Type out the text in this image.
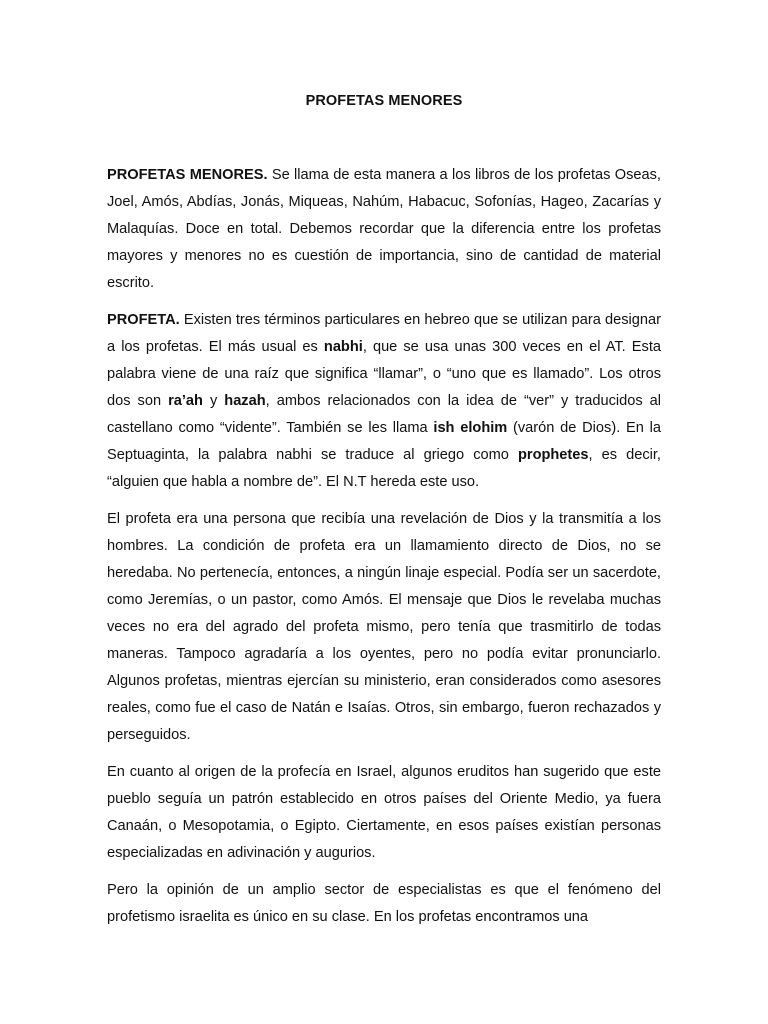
PROFETAS MENORES

PROFETAS MENORES. Se llama de esta manera a los libros de los profetas Oseas, Joel, Amós, Abdías, Jonás, Miqueas, Nahúm, Habacuc, Sofonías, Hageo, Zacarías y Malaquías. Doce en total. Debemos recordar que la diferencia entre los profetas mayores y menores no es cuestión de importancia, sino de cantidad de material escrito.

PROFETA. Existen tres términos particulares en hebreo que se utilizan para designar a los profetas. El más usual es nabhi, que se usa unas 300 veces en el AT. Esta palabra viene de una raíz que significa “llamar”, o “uno que es llamado”. Los otros dos son ra’ah y hazah, ambos relacionados con la idea de “ver” y traducidos al castellano como “vidente”. También se les llama ish elohim (varón de Dios). En la Septuaginta, la palabra nabhi se traduce al griego como prophetes, es decir, “alguien que habla a nombre de”. El N.T hereda este uso.

El profeta era una persona que recibía una revelación de Dios y la transmitía a los hombres. La condición de profeta era un llamamiento directo de Dios, no se heredaba. No pertenecía, entonces, a ningún linaje especial. Podía ser un sacerdote, como Jeremías, o un pastor, como Amós. El mensaje que Dios le revelaba muchas veces no era del agrado del profeta mismo, pero tenía que trasmitirlo de todas maneras. Tampoco agradaría a los oyentes, pero no podía evitar pronunciarlo. Algunos profetas, mientras ejercían su ministerio, eran considerados como asesores reales, como fue el caso de Natán e Isaías. Otros, sin embargo, fueron rechazados y perseguidos.

En cuanto al origen de la profecía en Israel, algunos eruditos han sugerido que este pueblo seguía un patrón establecido en otros países del Oriente Medio, ya fuera Canaán, o Mesopotamia, o Egipto. Ciertamente, en esos países existían personas especializadas en adivinación y augurios.

Pero la opinión de un amplio sector de especialistas es que el fenómeno del profetismo israelita es único en su clase. En los profetas encontramos una
